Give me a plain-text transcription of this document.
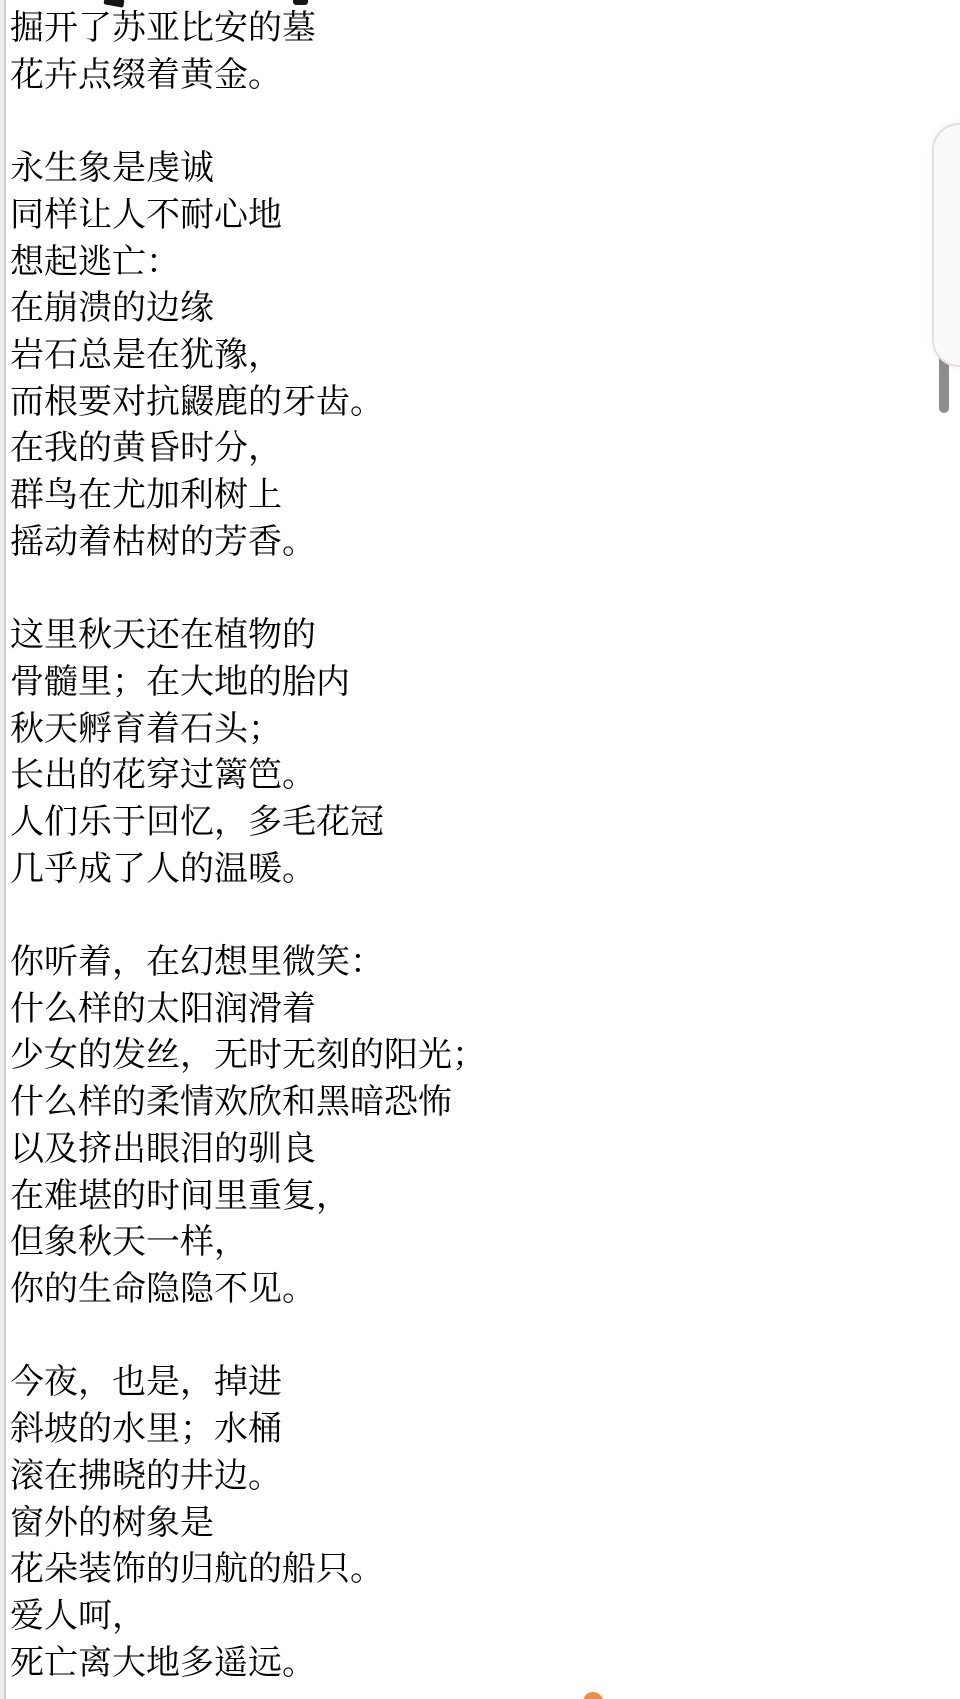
掘开了苏亚比安的墓
花卉点缀着黄金。
永生象是虔诚
同样让人不耐心地
想起逃亡：
在崩溃的边缘
岩石总是在犹豫，
而根要对抗鼹鹿的牙齿。
在我的黄昏时分，
群鸟在尤加利树上
摇动着枯树的芳香。
这里秋天还在植物的
骨髓里；在大地的胎内
秋天孵育着石头；
长出的花穿过篱笆。
人们乐于回忆，多毛花冠
几乎成了人的温暖。
你听着，在幻想里微笑：
什么样的太阳润滑着
少女的发丝，无时无刻的阳光；
什么样的柔情欢欣和黑暗恐怖
以及挤出眼泪的驯良
在难堪的时间里重复，
但象秋天一样，
你的生命隐隐不见。
今夜，也是，掉进
斜坡的水里；水桶
滚在拂晓的井边。
窗外的树象是
花朵装饰的归航的船只。
爱人呵，
死亡离大地多遥远。
